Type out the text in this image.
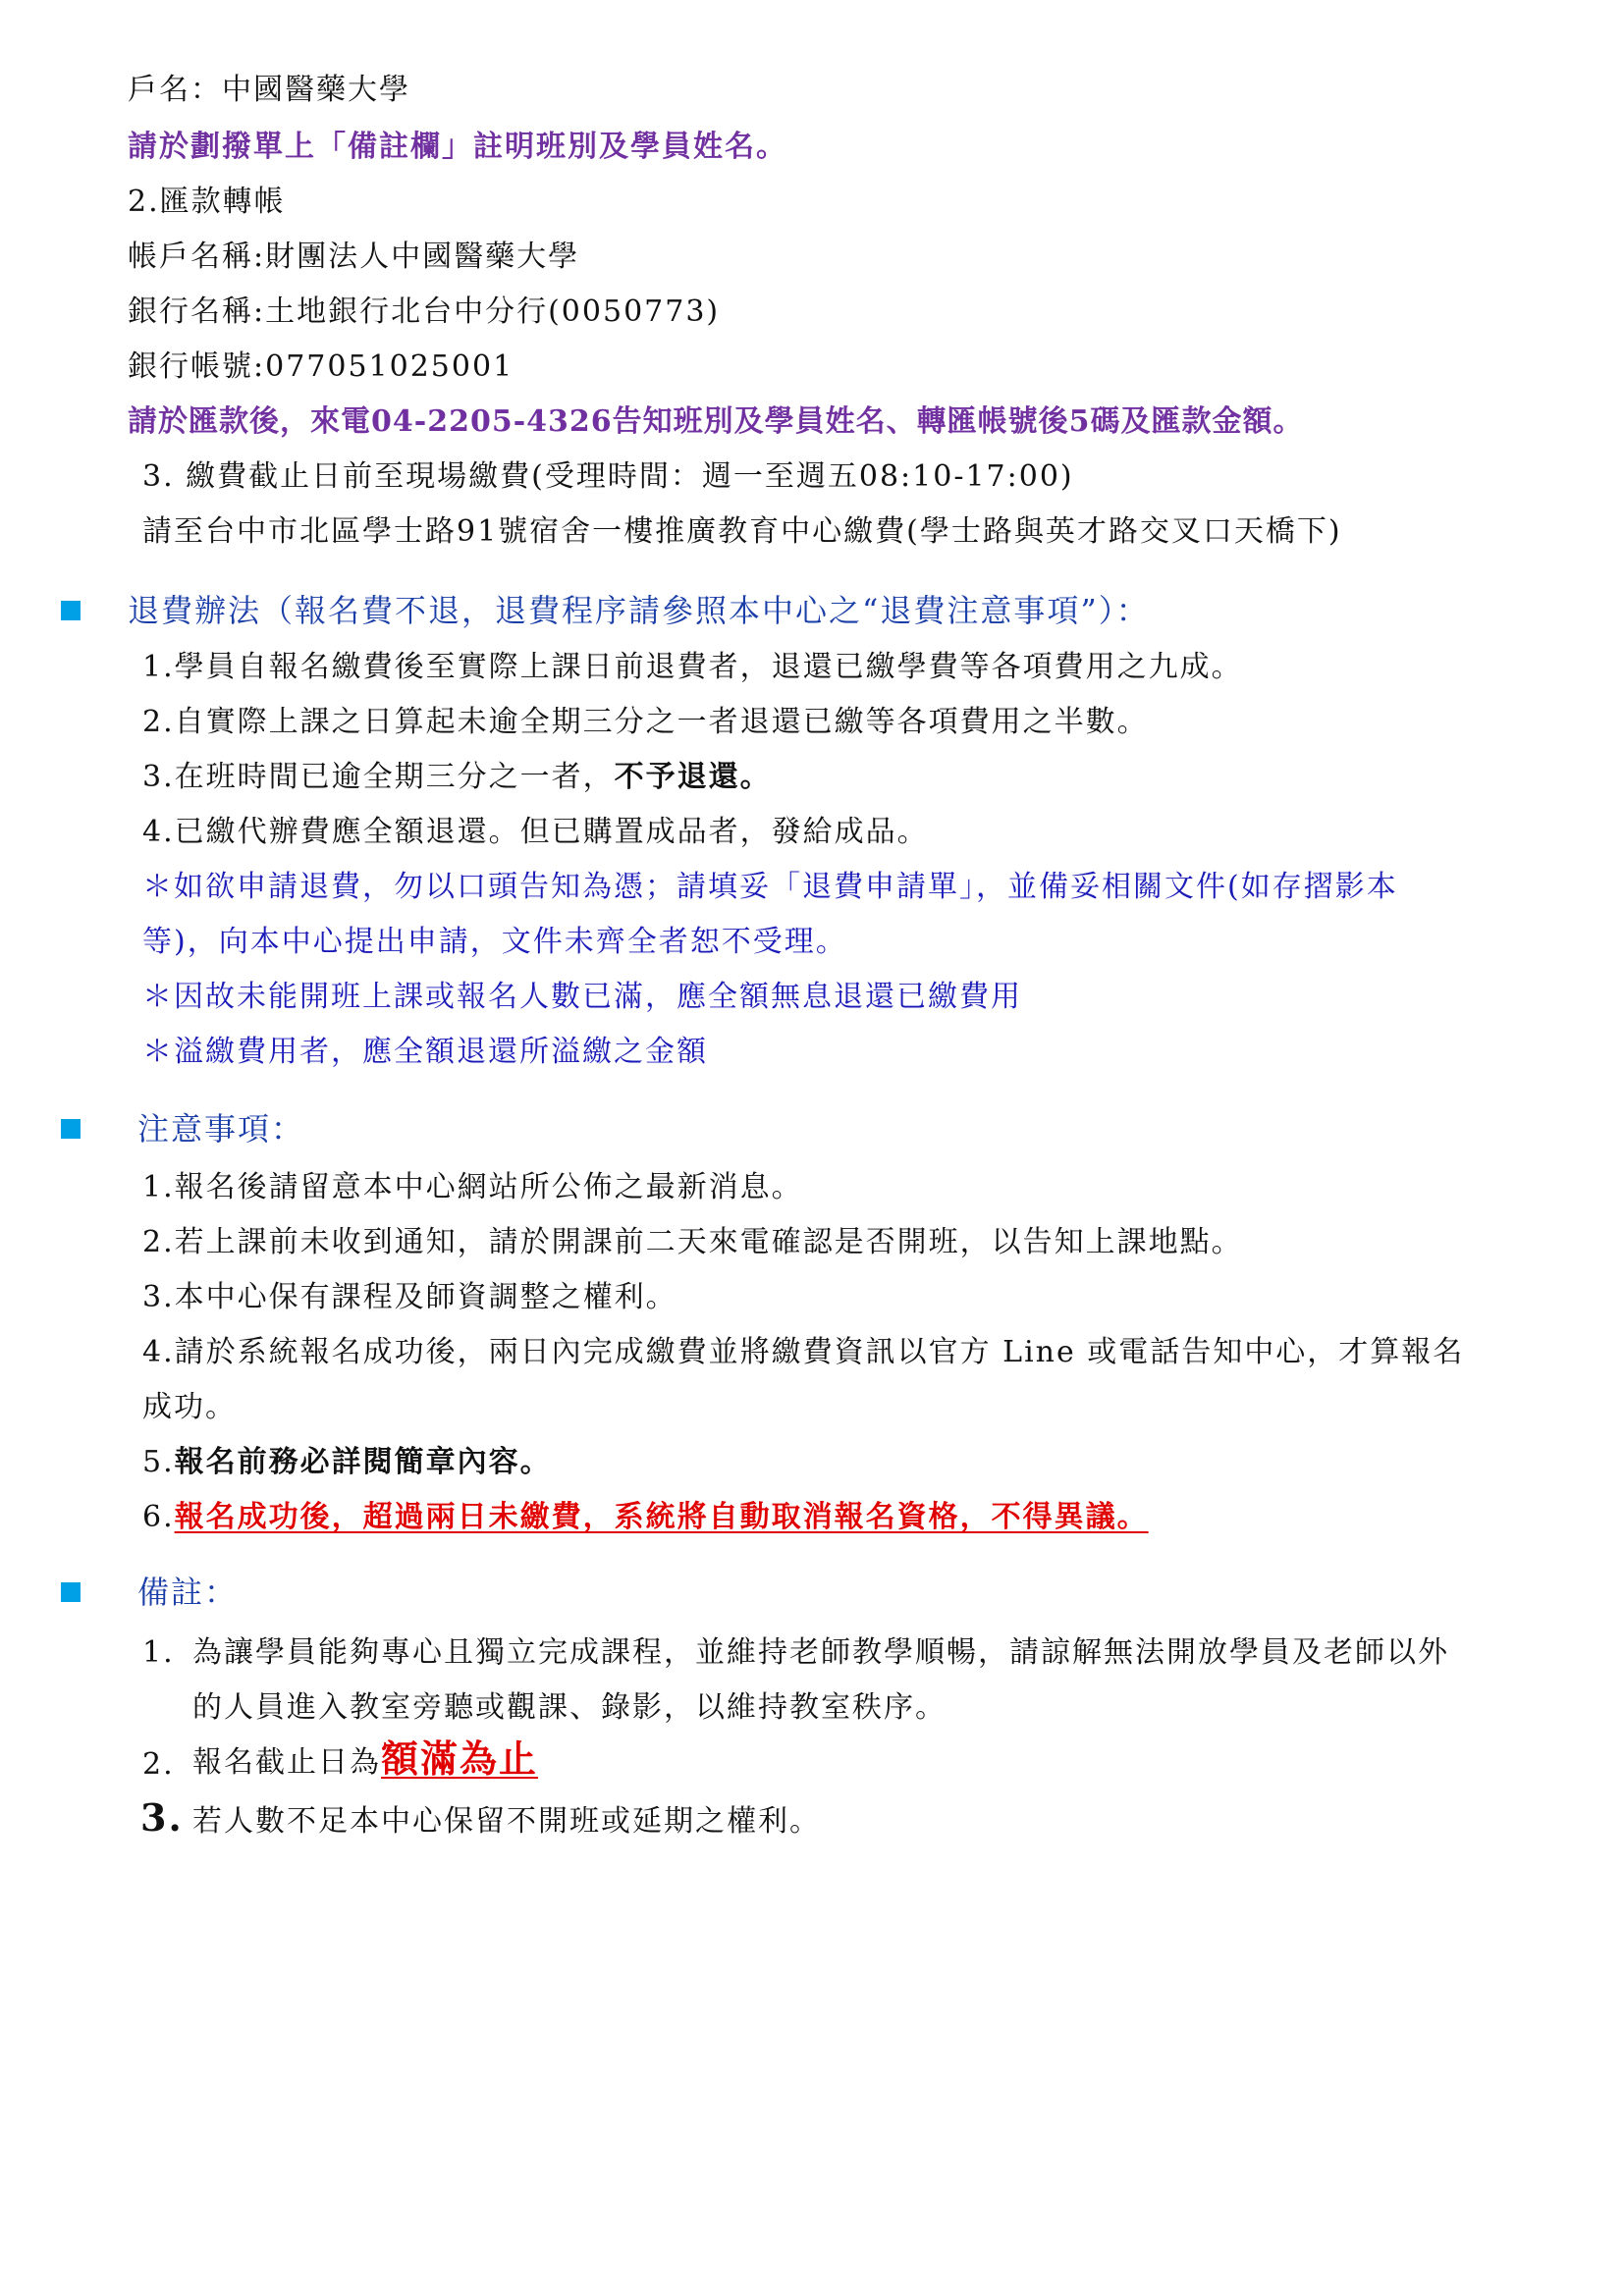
戶名：中國醫藥大學
請於劃撥單上「備註欄」註明班別及學員姓名。
2.匯款轉帳
帳戶名稱:財團法人中國醫藥大學
銀行名稱:土地銀行北台中分行(0050773)
銀行帳號:077051025001
請於匯款後，來電04-2205-4326告知班別及學員姓名、轉匯帳號後5碼及匯款金額。
3. 繳費截止日前至現場繳費(受理時間：週一至週五08:10-17:00)
請至台中市北區學士路91號宿舍一樓推廣教育中心繳費(學士路與英才路交叉口天橋下)
退費辦法（報名費不退，退費程序請參照本中心之“退費注意事項”）：
1.學員自報名繳費後至實際上課日前退費者，退還已繳學費等各項費用之九成。
2.自實際上課之日算起未逾全期三分之一者退還已繳等各項費用之半數。
3.在班時間已逾全期三分之一者，不予退還。
4.已繳代辦費應全額退還。但已購置成品者，發給成品。
＊如欲申請退費，勿以口頭告知為憑；請填妥「退費申請單」，並備妥相關文件(如存摺影本
等)，向本中心提出申請，文件未齊全者恕不受理。
＊因故未能開班上課或報名人數已滿，應全額無息退還已繳費用
＊溢繳費用者，應全額退還所溢繳之金額
注意事項：
1.報名後請留意本中心網站所公佈之最新消息。
2.若上課前未收到通知，請於開課前二天來電確認是否開班，以告知上課地點。
3.本中心保有課程及師資調整之權利。
4.請於系統報名成功後，兩日內完成繳費並將繳費資訊以官方 Line 或電話告知中心，才算報名
成功。
5.報名前務必詳閱簡章內容。
6.報名成功後，超過兩日未繳費，系統將自動取消報名資格，不得異議。
備註：
1. 為讓學員能夠專心且獨立完成課程，並維持老師教學順暢，請諒解無法開放學員及老師以外
的人員進入教室旁聽或觀課、錄影，以維持教室秩序。
2. 報名截止日為額滿為止
3. 若人數不足本中心保留不開班或延期之權利。
